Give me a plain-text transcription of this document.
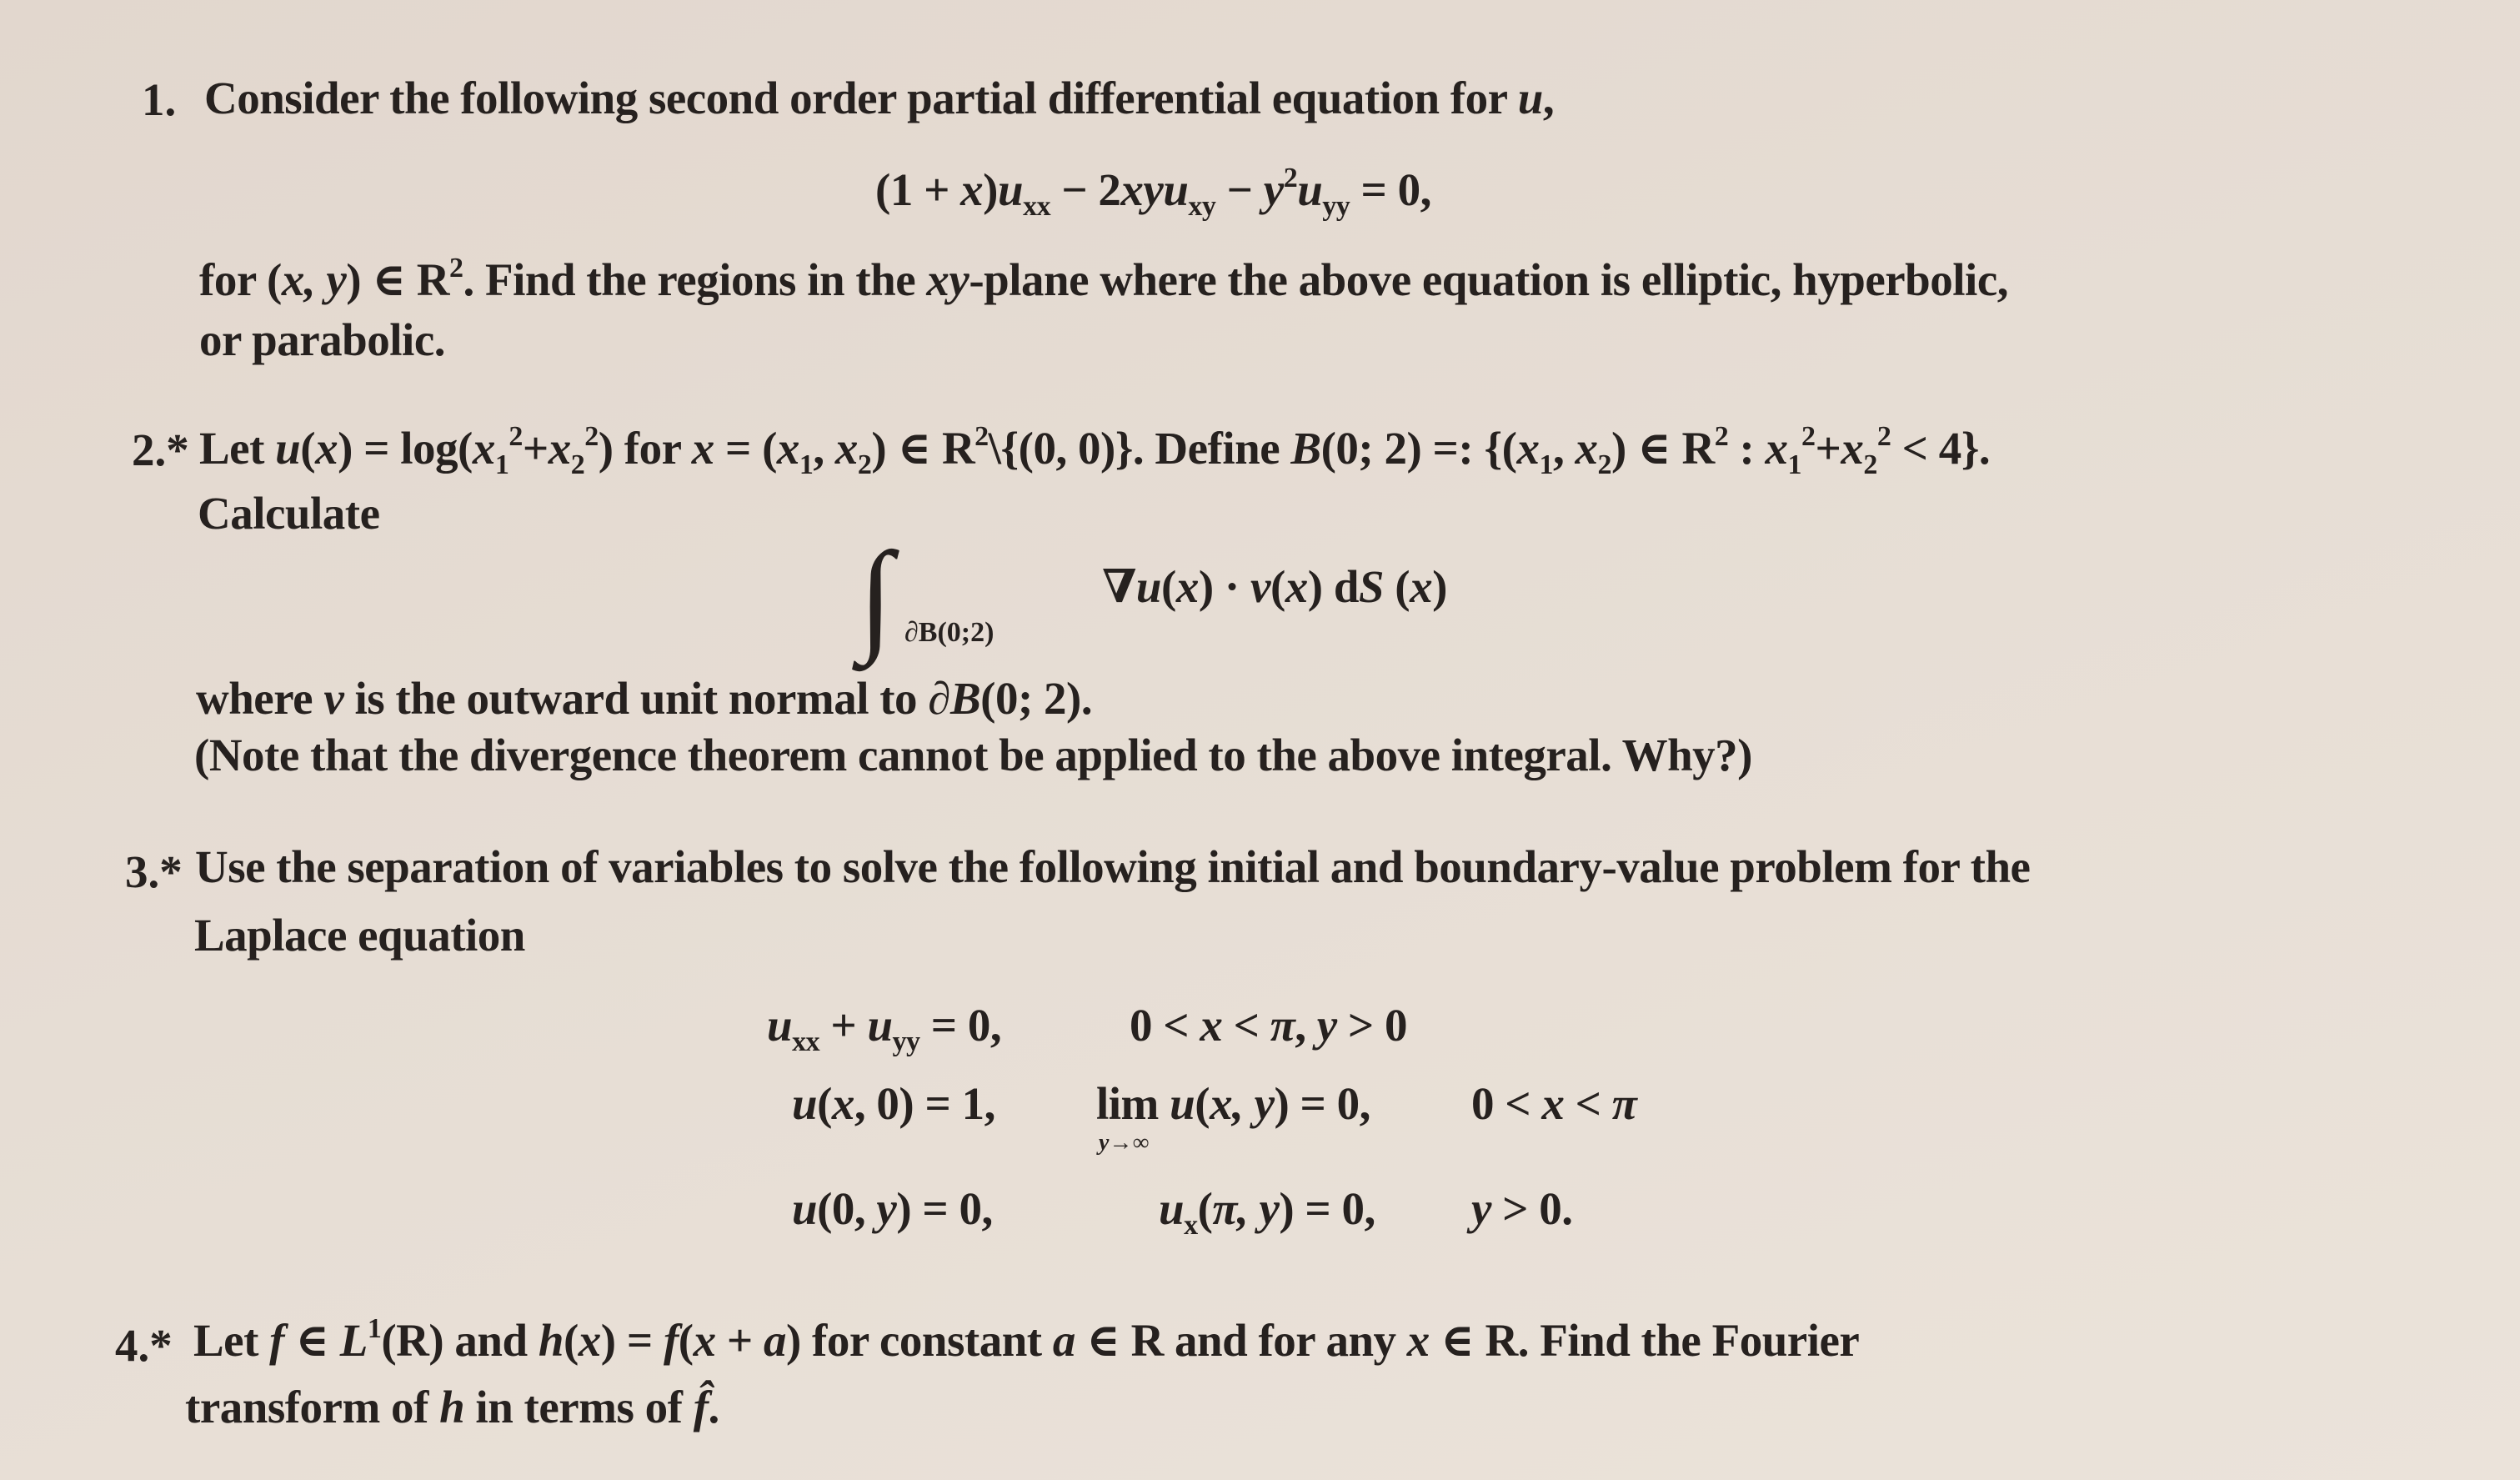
1. Consider the following second order partial differential equation for u,
$(1 + x)u_{xx} - 2xyu_{xy} - y^2u_{yy} = 0$,
for (x, y) ∈ $R^2$. Find the regions in the xy-plane where the above equation is elliptic, hyperbolic,
or parabolic.
2.* Let $u(x) = \log(x_1^2+x_2^2)$ for $x = (x_1$, $x_2$) ∈ $R^2\backslash\{(0$, 0)}. Define B(0; 2) =: {($x_1$, $x_2$) ∈ $R^2$ : $x_1^2+x_2^2 < 4$}.
Calculate
∫ ∂B(0;2)
∇u(x) · ν(x) dS (x)
where ν is the outward unit normal to ∂B(0; 2).
(Note that the divergence theorem cannot be applied to the above integral. Why?)
3.* Use the separation of variables to solve the following initial and boundary-value problem for the
Laplace equation
$u_{xx} + u_{yy} = 0$,	0 < x < π, y > 0
u(x, 0) = 1, lim u(x, y) = 0,
y→∞
0 < x < π
u(0, y) = 0,	$u_x(\pi$, y) = 0, y > 0.
4.* Let f ∈ $L^1(R)$ and h(x) = f(x + a) for constant a ∈ R and for any x ∈ R. Find the Fourier
transform of h in terms of f̂.
